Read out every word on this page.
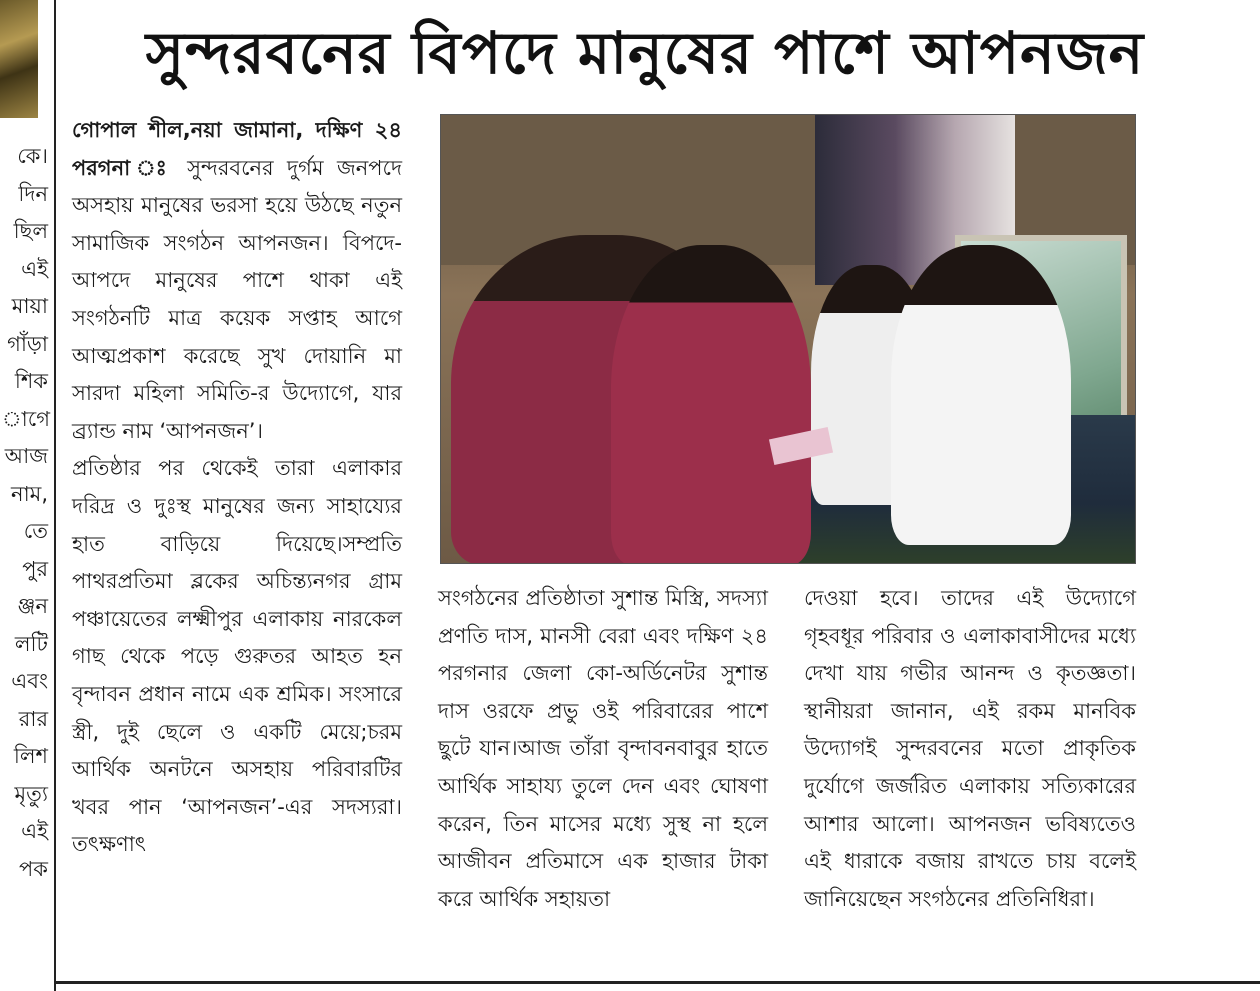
কে।
দিন
ছিল
এই
মায়া
গাঁড়া
শিক
াগে
আজ
নাম,
তে
পুর
ঞ্জন
লটি
এবং
রার
লিশ
মৃত্যু
এই
পক
সুন্দরবনের বিপদে মানুষের পাশে আপনজন

গোপাল শীল,নয়া জামানা, দক্ষিণ ২৪ পরগনা ঃ সুন্দরবনের দুর্গম জনপদে অসহায় মানুষের ভরসা হয়ে উঠছে নতুন সামাজিক সংগঠন আপনজন। বিপদে-আপদে মানুষের পাশে থাকা এই সংগঠনটি মাত্র কয়েক সপ্তাহ আগে আত্মপ্রকাশ করেছে সুখ দোয়ানি মা সারদা মহিলা সমিতি-র উদ্যোগে, যার ব্র্যান্ড নাম ‘আপনজন’।

প্রতিষ্ঠার পর থেকেই তারা এলাকার দরিদ্র ও দুঃস্থ মানুষের জন্য সাহায্যের হাত বাড়িয়ে দিয়েছে।সম্প্রতি পাথরপ্রতিমা ব্লকের অচিন্ত্যনগর গ্রাম পঞ্চায়েতের লক্ষ্মীপুর এলাকায় নারকেল গাছ থেকে পড়ে গুরুতর আহত হন বৃন্দাবন প্রধান নামে এক শ্রমিক। সংসারে স্ত্রী, দুই ছেলে ও একটি মেয়ে;চরম আর্থিক অনটনে অসহায় পরিবারটির খবর পান ‘আপনজন’-এর সদস্যরা। তৎক্ষণাৎ

সংগঠনের প্রতিষ্ঠাতা সুশান্ত মিস্ত্রি, সদস্যা প্রণতি দাস, মানসী বেরা এবং দক্ষিণ ২৪ পরগনার জেলা কো-অর্ডিনেটর সুশান্ত দাস ওরফে প্রভু ওই পরিবারের পাশে ছুটে যান।আজ তাঁরা বৃন্দাবনবাবুর হাতে আর্থিক সাহায্য তুলে দেন এবং ঘোষণা করেন, তিন মাসের মধ্যে সুস্থ না হলে আজীবন প্রতিমাসে এক হাজার টাকা করে আর্থিক সহায়তা
দেওয়া হবে। তাদের এই উদ্যোগে গৃহবধূর পরিবার ও এলাকাবাসীদের মধ্যে দেখা যায় গভীর আনন্দ ও কৃতজ্ঞতা।স্থানীয়রা জানান, এই রকম মানবিক উদ্যোগই সুন্দরবনের মতো প্রাকৃতিক দুর্যোগে জর্জরিত এলাকায় সত্যিকারের আশার আলো। আপনজন ভবিষ্যতেও এই ধারাকে বজায় রাখতে চায় বলেই জানিয়েছেন সংগঠনের প্রতিনিধিরা।
